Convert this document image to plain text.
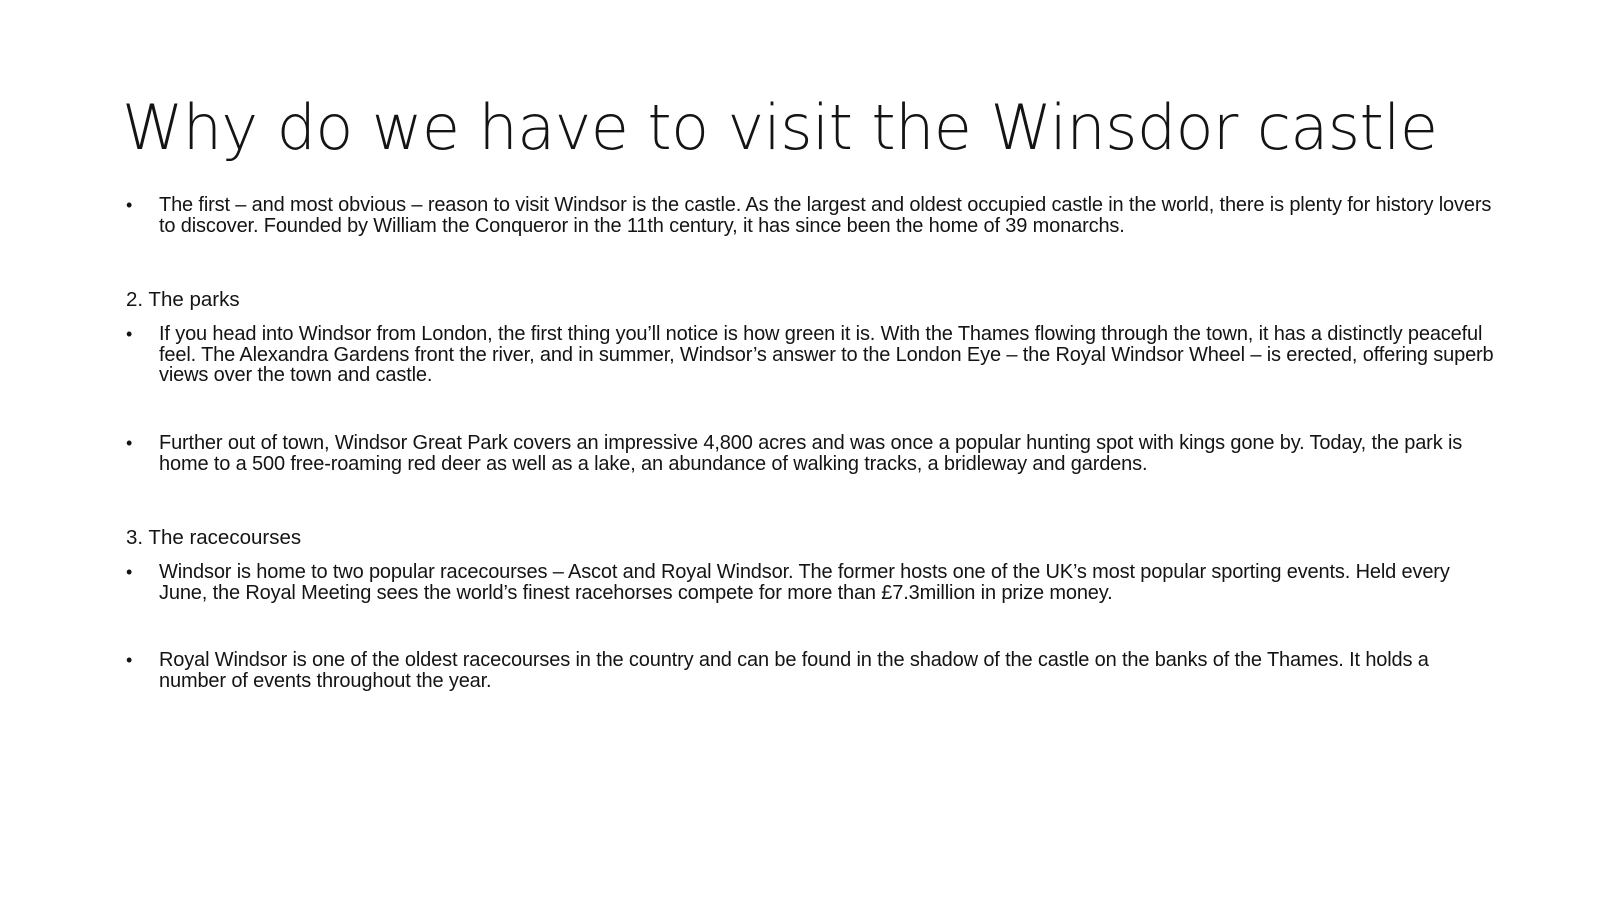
Why do we have to visit the Winsdor castle
• The first – and most obvious – reason to visit Windsor is the castle. As the largest and oldest occupied castle in the world, there is plenty for history lovers to discover. Founded by William the Conqueror in the 11th century, it has since been the home of 39 monarchs.
2. The parks
• If you head into Windsor from London, the first thing you’ll notice is how green it is. With the Thames flowing through the town, it has a distinctly peaceful feel. The Alexandra Gardens front the river, and in summer, Windsor’s answer to the London Eye – the Royal Windsor Wheel – is erected, offering superb views over the town and castle.
• Further out of town, Windsor Great Park covers an impressive 4,800 acres and was once a popular hunting spot with kings gone by. Today, the park is home to a 500 free-roaming red deer as well as a lake, an abundance of walking tracks, a bridleway and gardens.
3. The racecourses
• Windsor is home to two popular racecourses – Ascot and Royal Windsor. The former hosts one of the UK’s most popular sporting events. Held every June, the Royal Meeting sees the world’s finest racehorses compete for more than £7.3million in prize money.
• Royal Windsor is one of the oldest racecourses in the country and can be found in the shadow of the castle on the banks of the Thames. It holds a number of events throughout the year.
